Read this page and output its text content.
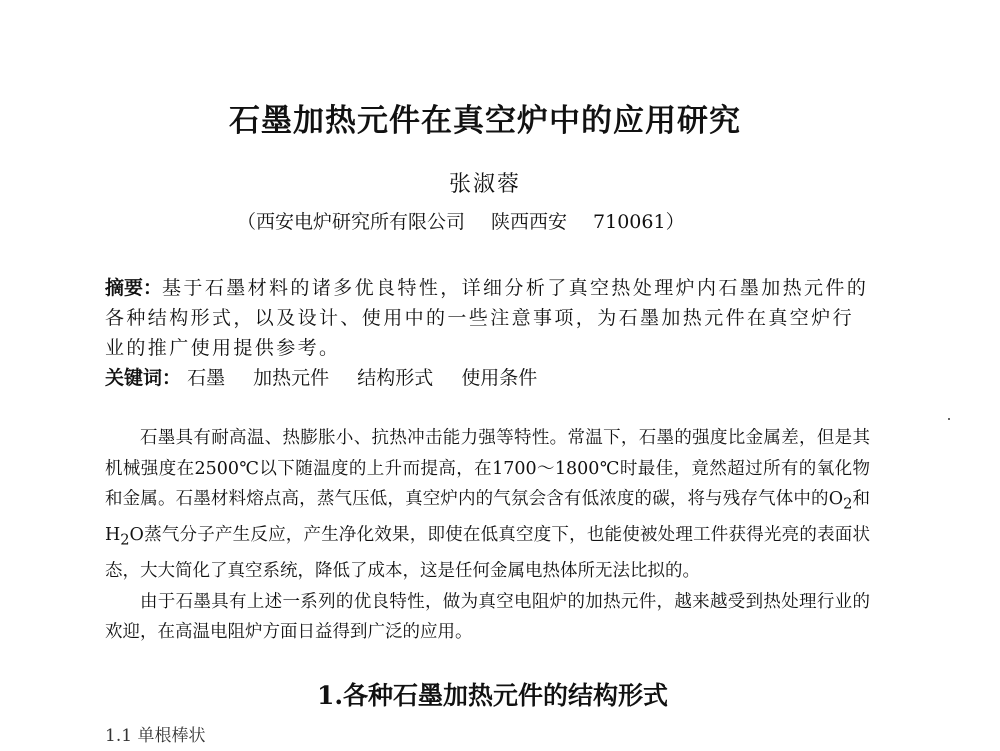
石墨加热元件在真空炉中的应用研究
张淑蓉
（西安电炉研究所有限公司 陕西西安 710061）
摘要：基于石墨材料的诸多优良特性，详细分析了真空热处理炉内石墨加热元件的各种结构形式，以及设计、使用中的一些注意事项，为石墨加热元件在真空炉行业的推广使用提供参考。
关键词： 石墨 加热元件 结构形式 使用条件

石墨具有耐高温、热膨胀小、抗热冲击能力强等特性。常温下，石墨的强度比金属差，但是其机械强度在2500℃以下随温度的上升而提高，在1700～1800℃时最佳，竟然超过所有的氧化物和金属。石墨材料熔点高，蒸气压低，真空炉内的气氛会含有低浓度的碳，将与残存气体中的$O_2$和$H_2O$蒸气分子产生反应，产生净化效果，即使在低真空度下，也能使被处理工件获得光亮的表面状态，大大简化了真空系统，降低了成本，这是任何金属电热体所无法比拟的。

由于石墨具有上述一系列的优良特性，做为真空电阻炉的加热元件，越来越受到热处理行业的欢迎，在高温电阻炉方面日益得到广泛的应用。

1.各种石墨加热元件的结构形式
1.1 单根棒状
